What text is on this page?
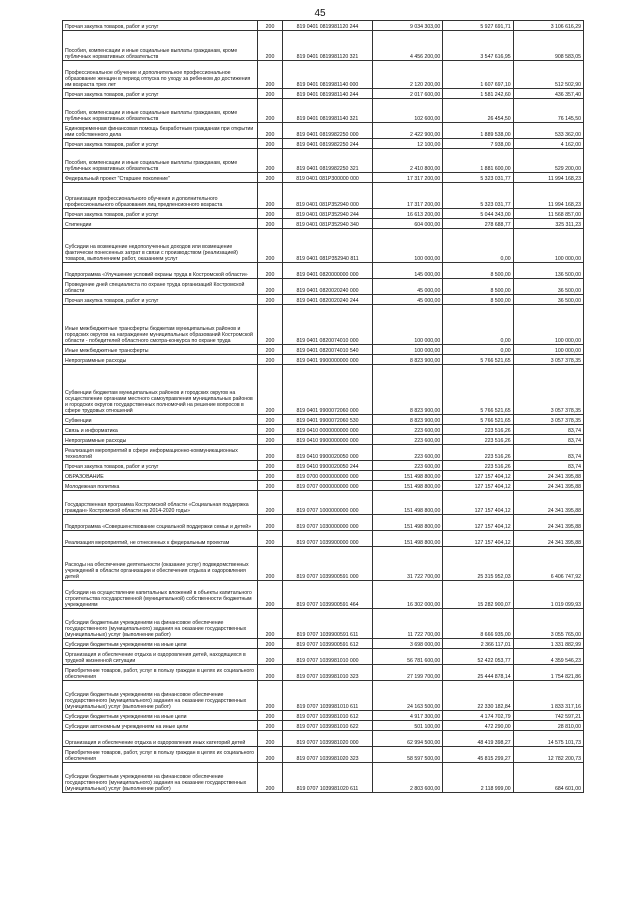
45
Прочая закупка товаров, работ и услуг	200	819 0401 0819981120 244	9 034 303,00	5 927 691,71	3 106 616,29
Пособия, компенсации и иные социальные выплаты гражданам, кроме публичных нормативных обязательств	200	819 0401 0819981120 321	4 456 200,00	3 547 616,95	908 583,05
Профессиональное обучение и дополнительное профессиональное образование женщин в период отпуска по уходу за ребенком до достижения им возраста трех лет	200	819 0401 0819981140 000	2 120 200,00	1 607 697,10	512 502,90
Прочая закупка товаров, работ и услуг	200	819 0401 0819981140 244	2 017 600,00	1 581 242,60	436 357,40
Пособия, компенсации и иные социальные выплаты гражданам, кроме публичных нормативных обязательств	200	819 0401 0819981140 321	102 600,00	26 454,50	76 145,50
Единовременная финансовая помощь безработным гражданам при открытии ими собственного дела	200	819 0401 0819982250 000	2 422 900,00	1 889 538,00	533 362,00
Прочая закупка товаров, работ и услуг	200	819 0401 0819982250 244	12 100,00	7 938,00	4 162,00
Пособия, компенсации и иные социальные выплаты гражданам, кроме публичных нормативных обязательств	200	819 0401 0819982250 321	2 410 800,00	1 881 600,00	529 200,00
Федеральный проект "Старшее поколение"	200	819 0401 081P300000 000	17 317 200,00	5 323 031,77	11 994 168,23
Организация профессионального обучения и дополнительного профессионального образования лиц предпенсионного возраста	200	819 0401 081P352940 000	17 317 200,00	5 323 031,77	11 994 168,23
Прочая закупка товаров, работ и услуг	200	819 0401 081P352940 244	16 613 200,00	5 044 343,00	11 568 857,00
Стипендии	200	819 0401 081P352940 340	604 000,00	278 688,77	325 311,23
Субсидии на возмещение недополученных доходов или возмещение фактически понесенных затрат в связи с производством (реализацией) товаров, выполнением работ, оказанием услуг	200	819 0401 081P352940 811	100 000,00	0,00	100 000,00
Подпрограмма «Улучшение условий охраны труда в Костромской области»	200	819 0401 0820000000 000	145 000,00	8 500,00	136 500,00
Проведение дней специалиста по охране труда организаций Костромской области	200	819 0401 0820020240 000	45 000,00	8 500,00	36 500,00
Прочая закупка товаров, работ и услуг	200	819 0401 0820020240 244	45 000,00	8 500,00	36 500,00
Иные межбюджетные трансферты бюджетам муниципальных районов и городских округов на награждение муниципальных образований Костромской области - победителей областного смотра-конкурса по охране труда	200	819 0401 0820074010 000	100 000,00	0,00	100 000,00
Иные межбюджетные трансферты	200	819 0401 0820074010 540	100 000,00	0,00	100 000,00
Непрограммные расходы	200	819 0401 9900000000 000	8 823 900,00	5 766 521,65	3 057 378,35
Субвенции бюджетам муниципальных районов и городских округов на осуществление органами местного самоуправления муниципальных районов и городских округов государственных полномочий на решение вопросов в сфере трудовых отношений	200	819 0401 9900072060 000	8 823 900,00	5 766 521,65	3 057 378,35
Субвенции	200	819 0401 9900072060 530	8 823 900,00	5 766 521,65	3 057 378,35
Связь и информатика	200	819 0410 0000000000 000	223 600,00	223 516,26	83,74
Непрограммные расходы	200	819 0410 9900000000 000	223 600,00	223 516,26	83,74
Реализация мероприятий в сфере информационно-коммуникационных технологий	200	819 0410 9900020050 000	223 600,00	223 516,26	83,74
Прочая закупка товаров, работ и услуг	200	819 0410 9900020050 244	223 600,00	223 516,26	83,74
ОБРАЗОВАНИЕ	200	819 0700 0000000000 000	151 498 800,00	127 157 404,12	24 341 395,88
Молодежная политика	200	819 0707 0000000000 000	151 498 800,00	127 157 404,12	24 341 395,88
Государственная программа Костромской области «Социальная поддержка граждан» Костромской области на 2014-2020 годы»	200	819 0707 1000000000 000	151 498 800,00	127 157 404,12	24 341 395,88
Подпрограмма «Совершенствование социальной поддержки семьи и детей»	200	819 0707 1030000000 000	151 498 800,00	127 157 404,12	24 341 395,88
Реализация мероприятий, не отнесенных к федеральным проектам	200	819 0707 1039900000 000	151 498 800,00	127 157 404,12	24 341 395,88
Расходы на обеспечение деятельности (оказание услуг) подведомственных учреждений в области организации и обеспечения отдыха и оздоровления детей	200	819 0707 1039900591 000	31 722 700,00	25 315 952,03	6 406 747,92
Субсидии на осуществление капитальных вложений в объекты капитального строительства государственной (муниципальной) собственности бюджетным учреждениям	200	819 0707 1039900591 464	16 302 000,00	15 282 900,07	1 019 099,93
Субсидии бюджетным учреждениям на финансовое обеспечение государственного (муниципального) задания на оказание государственных (муниципальных) услуг (выполнение работ)	200	819 0707 1039900591 611	11 722 700,00	8 666 935,00	3 055 765,00
Субсидии бюджетным учреждениям на иные цели	200	819 0707 1039900591 612	3 698 000,00	2 366 117,01	1 331 882,99
Организация и обеспечение отдыха и оздоровления детей, находящихся в трудной жизненной ситуации	200	819 0707 1039981010 000	56 781 600,00	52 422 053,77	4 359 546,23
Приобретение товаров, работ, услуг в пользу граждан в целях их социального обеспечения	200	819 0707 1039981010 323	27 199 700,00	25 444 878,14	1 754 821,86
Субсидии бюджетным учреждениям на финансовое обеспечение государственного (муниципального) задания на оказание государственных (муниципальных) услуг (выполнение работ)	200	819 0707 1039981010 611	24 163 500,00	22 330 182,84	1 833 317,16
Субсидии бюджетным учреждениям на иные цели	200	819 0707 1039981010 612	4 917 300,00	4 174 702,79	742 597,21
Субсидии автономным учреждениям на иные цели	200	819 0707 1039981010 622	501 100,00	472 290,00	28 810,00
Организация и обеспечение отдыха и оздоровления иных категорий детей	200	819 0707 1039981020 000	62 994 500,00	48 419 398,27	14 575 101,73
Приобретение товаров, работ, услуг в пользу граждан в целях их социального обеспечения	200	819 0707 1039981020 323	58 597 500,00	45 815 299,27	12 782 200,73
Субсидии бюджетным учреждениям на финансовое обеспечение государственного (муниципального) задания на оказание государственных (муниципальных) услуг (выполнение работ)	200	819 0707 1039981020 611	2 803 600,00	2 118 999,00	684 601,00
